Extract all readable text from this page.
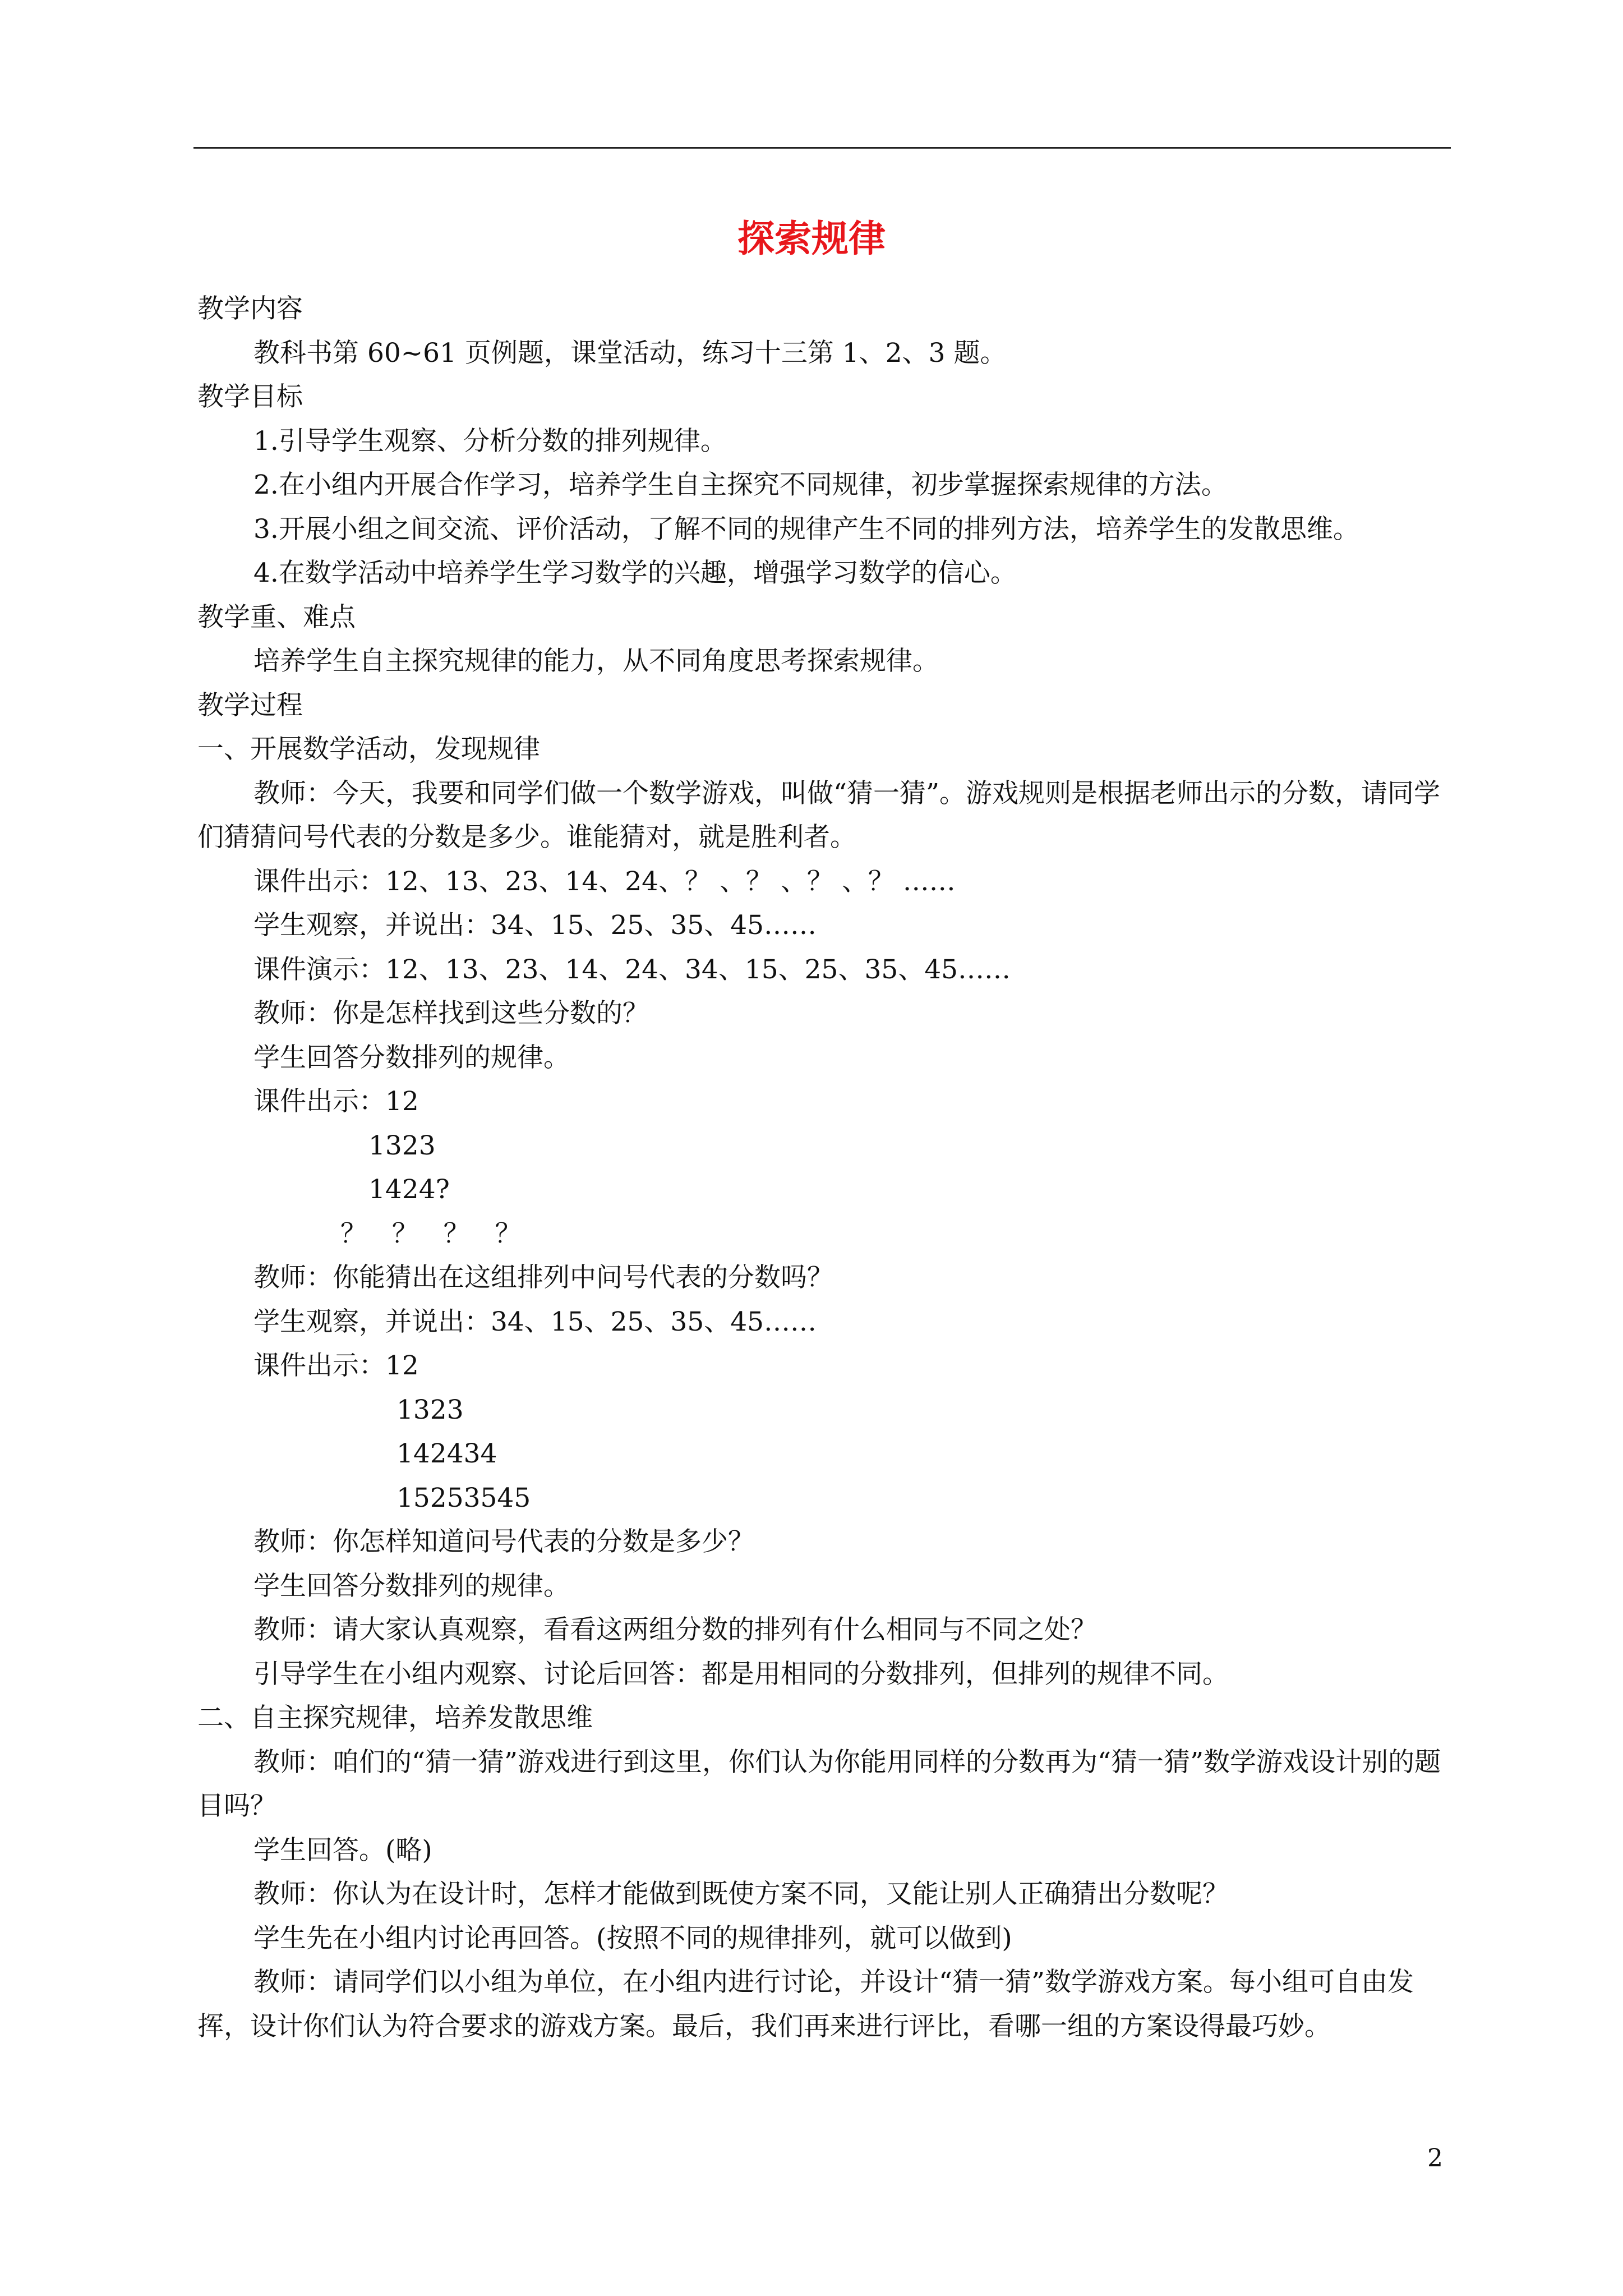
探索规律

教学内容

教科书第 60~61 页例题，课堂活动，练习十三第 1、2、3 题。

教学目标

1.引导学生观察、分析分数的排列规律。

2.在小组内开展合作学习，培养学生自主探究不同规律，初步掌握探索规律的方法。

3.开展小组之间交流、评价活动，了解不同的规律产生不同的排列方法，培养学生的发散思维。

4.在数学活动中培养学生学习数学的兴趣，增强学习数学的信心。

教学重、难点

培养学生自主探究规律的能力，从不同角度思考探索规律。

教学过程

一、开展数学活动，发现规律

教师：今天，我要和同学们做一个数学游戏，叫做“猜一猜”。游戏规则是根据老师出示的分数，请同学们猜猜问号代表的分数是多少。谁能猜对，就是胜利者。

课件出示：12、13、23、14、24、？ 、？ 、？ 、？ ……

学生观察，并说出：34、15、25、35、45……

课件演示：12、13、23、14、24、34、15、25、35、45……

教师：你是怎样找到这些分数的？

学生回答分数排列的规律。

课件出示：12

1323

1424?

？   ？   ？   ？

教师：你能猜出在这组排列中问号代表的分数吗？

学生观察，并说出：34、15、25、35、45……

课件出示：12

1323

142434

15253545

教师：你怎样知道问号代表的分数是多少？

学生回答分数排列的规律。

教师：请大家认真观察，看看这两组分数的排列有什么相同与不同之处？

引导学生在小组内观察、讨论后回答：都是用相同的分数排列，但排列的规律不同。

二、自主探究规律，培养发散思维

教师：咱们的“猜一猜”游戏进行到这里，你们认为你能用同样的分数再为“猜一猜”数学游戏设计别的题目吗？

学生回答。(略)

教师：你认为在设计时，怎样才能做到既使方案不同，又能让别人正确猜出分数呢？

学生先在小组内讨论再回答。(按照不同的规律排列，就可以做到)

教师：请同学们以小组为单位，在小组内进行讨论，并设计“猜一猜”数学游戏方案。每小组可自由发挥，设计你们认为符合要求的游戏方案。最后，我们再来进行评比，看哪一组的方案设得最巧妙。

2
